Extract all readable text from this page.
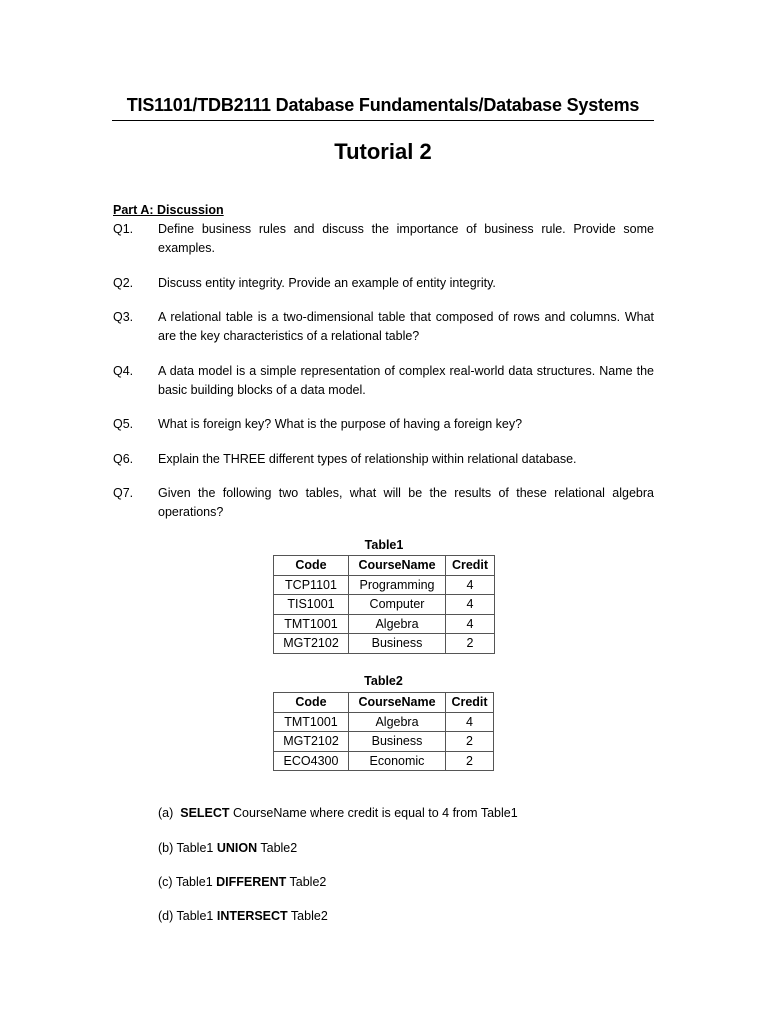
TIS1101/TDB2111 Database Fundamentals/Database Systems
Tutorial 2
Part A: Discussion
Q1. Define business rules and discuss the importance of business rule. Provide some examples.
Q2. Discuss entity integrity. Provide an example of entity integrity.
Q3. A relational table is a two-dimensional table that composed of rows and columns. What are the key characteristics of a relational table?
Q4. A data model is a simple representation of complex real-world data structures. Name the basic building blocks of a data model.
Q5. What is foreign key? What is the purpose of having a foreign key?
Q6. Explain the THREE different types of relationship within relational database.
Q7. Given the following two tables, what will be the results of these relational algebra operations?
Table1
Code	CourseName	Credit
TCP1101	Programming	4
TIS1001	Computer	4
TMT1001	Algebra	4
MGT2102	Business	2
Table2
Code	CourseName	Credit
TMT1001	Algebra	4
MGT2102	Business	2
ECO4300	Economic	2
(a)  SELECT CourseName where credit is equal to 4 from Table1
(b) Table1 UNION Table2
(c) Table1 DIFFERENT Table2
(d) Table1 INTERSECT Table2
